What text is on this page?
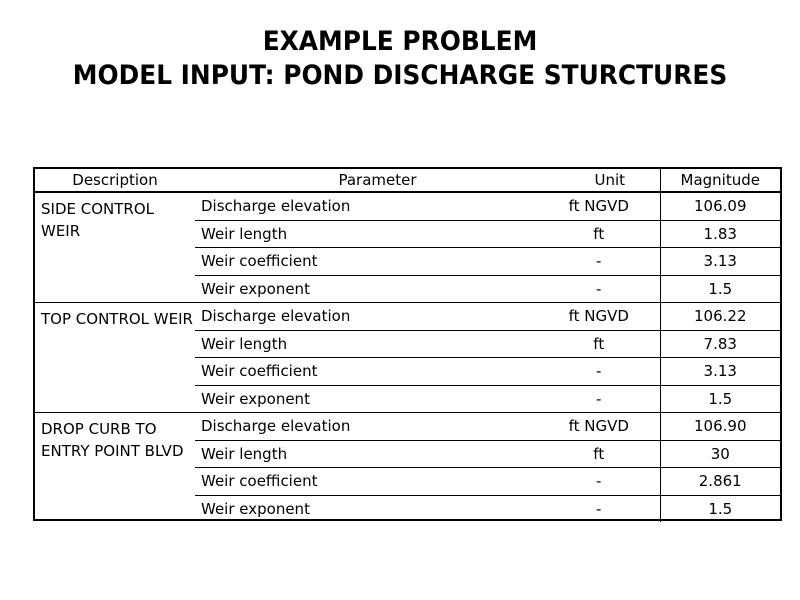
EXAMPLE PROBLEM
MODEL INPUT: POND DISCHARGE STURCTURES
Description	Parameter	Unit	Magnitude
SIDE CONTROL WEIR	Discharge elevation	ft NGVD	106.09
	Weir length	ft	1.83
	Weir coefficient	-	3.13
	Weir exponent	-	1.5
TOP CONTROL WEIR	Discharge elevation	ft NGVD	106.22
	Weir length	ft	7.83
	Weir coefficient	-	3.13
	Weir exponent	-	1.5
DROP CURB TO ENTRY POINT BLVD	Discharge elevation	ft NGVD	106.90
	Weir length	ft	30
	Weir coefficient	-	2.861
	Weir exponent	-	1.5
